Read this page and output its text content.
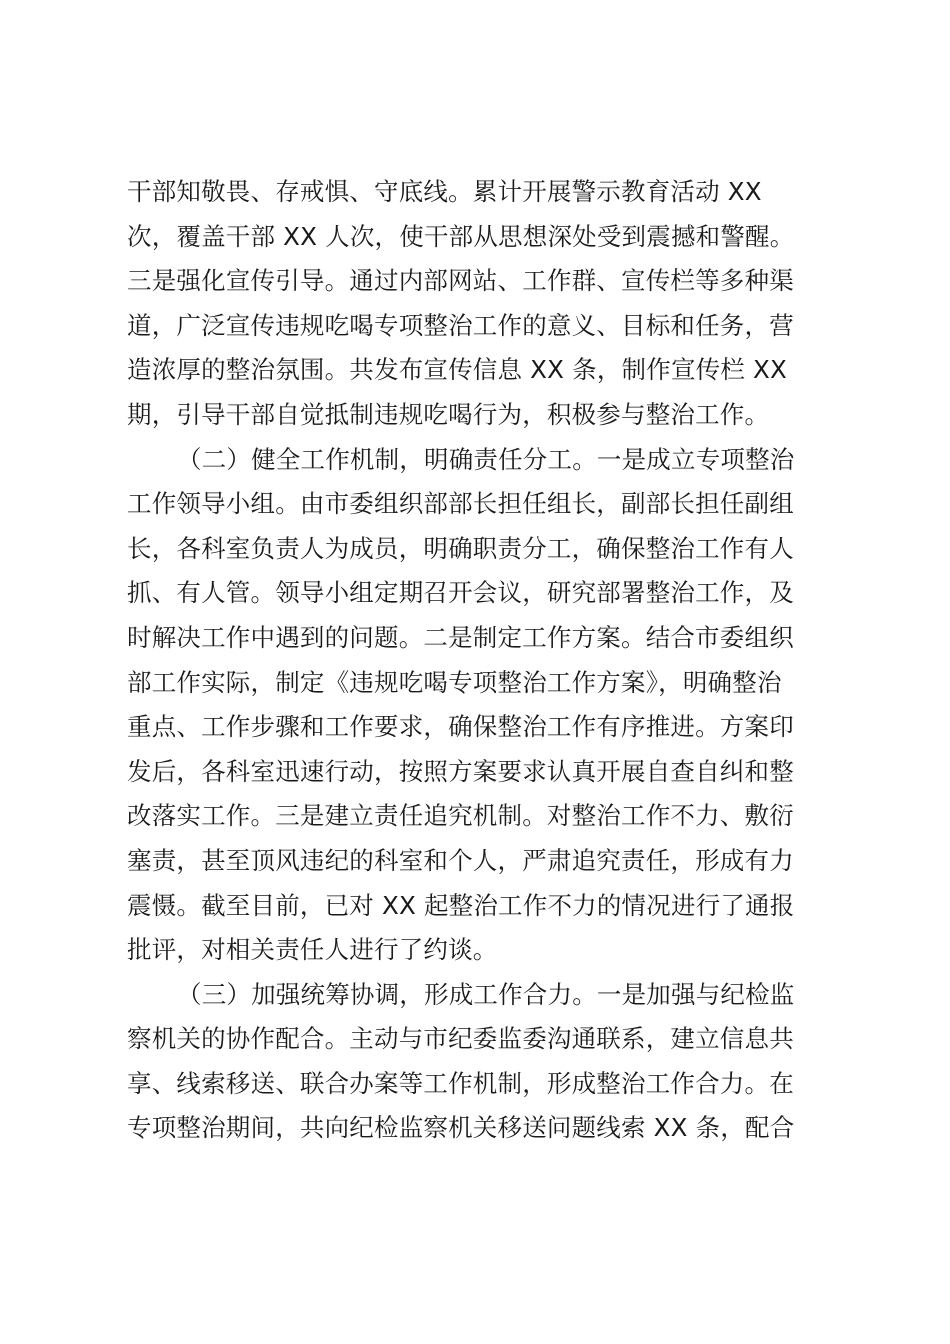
干部知敬畏、存戒惧、守底线。累计开展警示教育活动 XX
次，覆盖干部 XX 人次，使干部从思想深处受到震撼和警醒。
三是强化宣传引导。通过内部网站、工作群、宣传栏等多种渠
道，广泛宣传违规吃喝专项整治工作的意义、目标和任务，营
造浓厚的整治氛围。共发布宣传信息 XX 条，制作宣传栏 XX
期，引导干部自觉抵制违规吃喝行为，积极参与整治工作。
（二）健全工作机制，明确责任分工。一是成立专项整治
工作领导小组。由市委组织部部长担任组长，副部长担任副组
长，各科室负责人为成员，明确职责分工，确保整治工作有人
抓、有人管。领导小组定期召开会议，研究部署整治工作，及
时解决工作中遇到的问题。二是制定工作方案。结合市委组织
部工作实际，制定《违规吃喝专项整治工作方案》，明确整治
重点、工作步骤和工作要求，确保整治工作有序推进。方案印
发后，各科室迅速行动，按照方案要求认真开展自查自纠和整
改落实工作。三是建立责任追究机制。对整治工作不力、敷衍
塞责，甚至顶风违纪的科室和个人，严肃追究责任，形成有力
震慑。截至目前，已对 XX 起整治工作不力的情况进行了通报
批评，对相关责任人进行了约谈。
（三）加强统筹协调，形成工作合力。一是加强与纪检监
察机关的协作配合。主动与市纪委监委沟通联系，建立信息共
享、线索移送、联合办案等工作机制，形成整治工作合力。在
专项整治期间，共向纪检监察机关移送问题线索 XX 条，配合
